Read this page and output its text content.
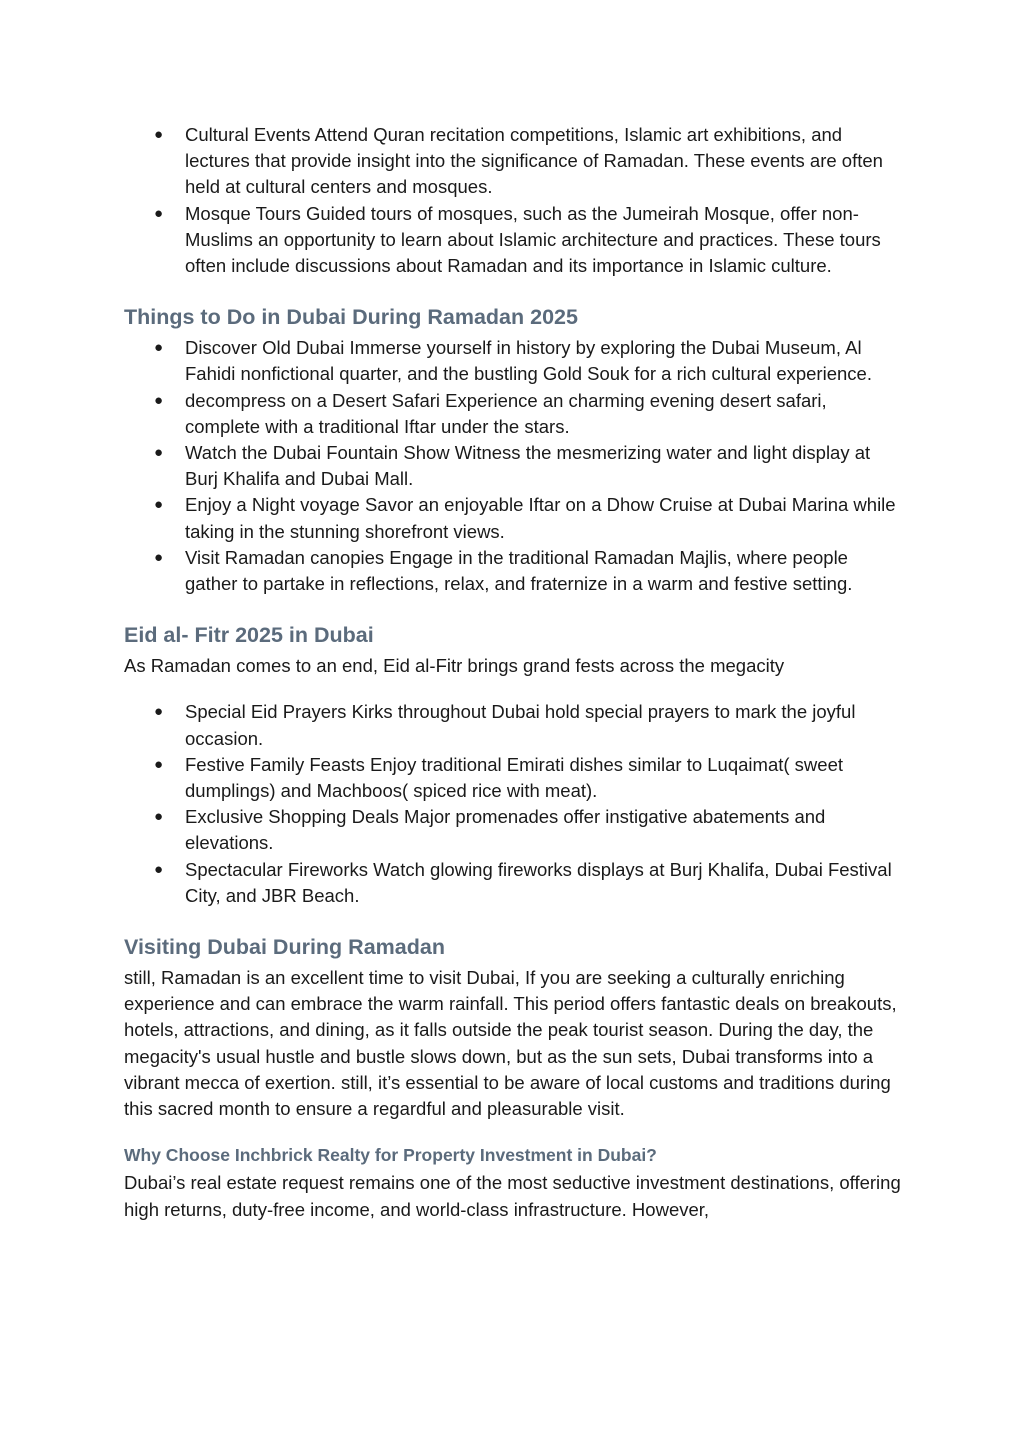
● Cultural Events Attend Quran recitation competitions, Islamic art exhibitions, and lectures that provide insight into the significance of Ramadan. These events are often held at cultural centers and mosques.
● Mosque Tours Guided tours of mosques, such as the Jumeirah Mosque, offer non-Muslims an opportunity to learn about Islamic architecture and practices. These tours often include discussions about Ramadan and its importance in Islamic culture.
Things to Do in Dubai During Ramadan 2025
● Discover Old Dubai Immerse yourself in history by exploring the Dubai Museum, Al Fahidi nonfictional quarter, and the bustling Gold Souk for a rich cultural experience.
● decompress on a Desert Safari Experience an charming evening desert safari, complete with a traditional Iftar under the stars.
● Watch the Dubai Fountain Show Witness the mesmerizing water and light display at Burj Khalifa and Dubai Mall.
● Enjoy a Night voyage Savor an enjoyable Iftar on a Dhow Cruise at Dubai Marina while taking in the stunning shorefront views.
● Visit Ramadan canopies Engage in the traditional Ramadan Majlis, where people gather to partake in reflections, relax, and fraternize in a warm and festive setting.
Eid al- Fitr 2025 in Dubai

As Ramadan comes to an end, Eid al-Fitr brings grand fests across the megacity

● Special Eid Prayers Kirks throughout Dubai hold special prayers to mark the joyful occasion.
● Festive Family Feasts Enjoy traditional Emirati dishes similar to Luqaimat( sweet dumplings) and Machboos( spiced rice with meat).
● Exclusive Shopping Deals Major promenades offer instigative abatements and elevations.
● Spectacular Fireworks Watch glowing fireworks displays at Burj Khalifa, Dubai Festival City, and JBR Beach.
Visiting Dubai During Ramadan

still, Ramadan is an excellent time to visit Dubai, If you are seeking a culturally enriching experience and can embrace the warm rainfall. This period offers fantastic deals on breakouts, hotels, attractions, and dining, as it falls outside the peak tourist season. During the day, the megacity's usual hustle and bustle slows down, but as the sun sets, Dubai transforms into a vibrant mecca of exertion. still, it’s essential to be aware of local customs and traditions during this sacred month to ensure a regardful and pleasurable visit.

Why Choose Inchbrick Realty for Property Investment in Dubai?

Dubai’s real estate request remains one of the most seductive investment destinations, offering high returns, duty-free income, and world-class infrastructure. However,
